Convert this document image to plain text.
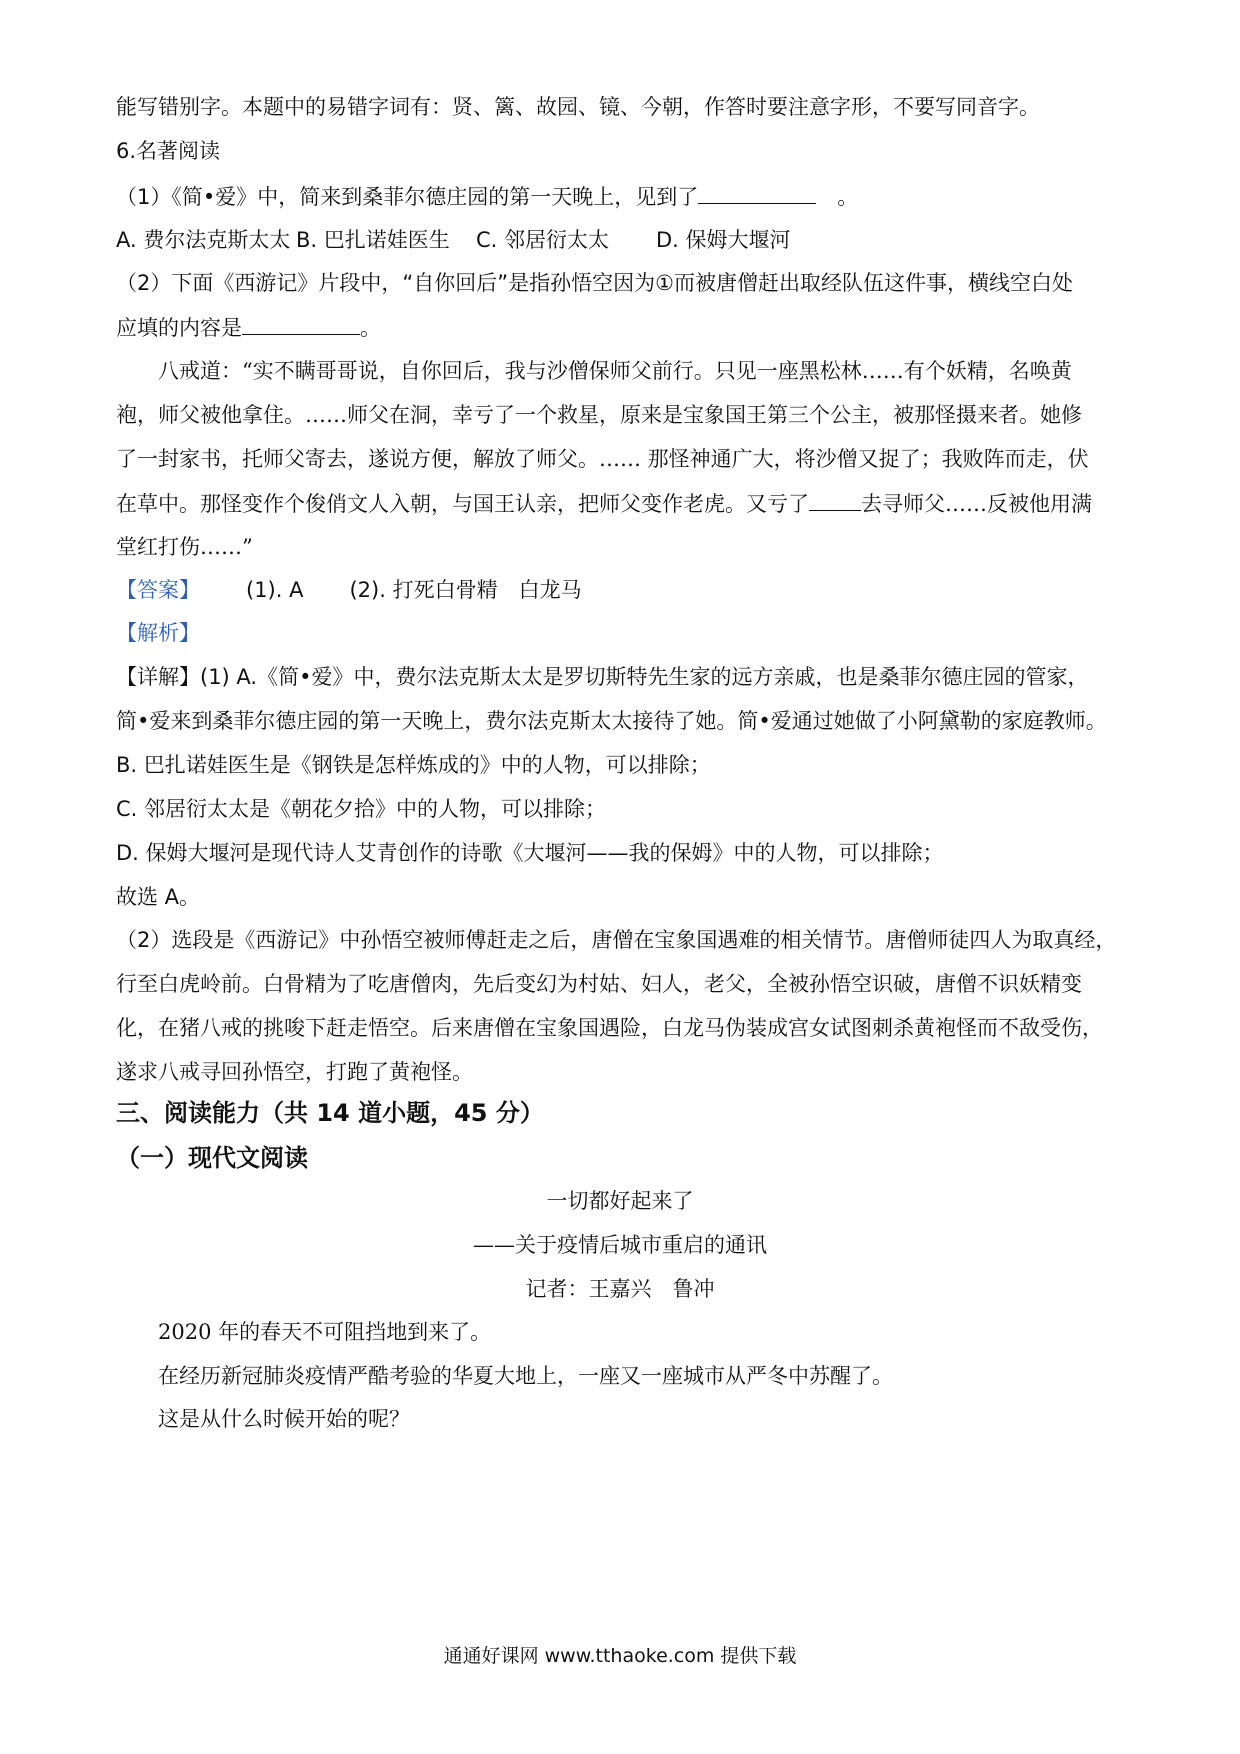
能写错别字。本题中的易错字词有：贤、篱、故园、镜、今朝，作答时要注意字形，不要写同音字。
6.名著阅读
（1）《简•爱》中，简来到桑菲尔德庄园的第一天晚上，见到了　	。
A. 费尔法克斯太太 B. 巴扎诺娃医生 C. 邻居衍太太 D. 保姆大堰河
（2）下面《西游记》片段中，“自你回后”是指孙悟空因为①而被唐僧赶出取经队伍这件事，横线空白处
应填的内容是	。
八戒道：“实不瞒哥哥说，自你回后，我与沙僧保师父前行。只见一座黑松林……有个妖精，名唤黄
袍，师父被他拿住。……师父在洞，幸亏了一个救星，原来是宝象国王第三个公主，被那怪摄来者。她修
了一封家书，托师父寄去，遂说方便，解放了师父。…… 那怪神通广大，将沙僧又捉了；我败阵而走，伏
在草中。那怪变作个俊俏文人入朝，与国王认亲，把师父变作老虎。又亏了 去寻师父……反被他用满
堂红打伤……”
【答案】 (1). A (2). 打死白骨精　白龙马
【解析】
【详解】(1) A.《简•爱》中，费尔法克斯太太是罗切斯特先生家的远方亲戚，也是桑菲尔德庄园的管家，
简•爱来到桑菲尔德庄园的第一天晚上，费尔法克斯太太接待了她。简•爱通过她做了小阿黛勒的家庭教师。
B. 巴扎诺娃医生是《钢铁是怎样炼成的》中的人物，可以排除；
C. 邻居衍太太是《朝花夕拾》中的人物，可以排除；
D. 保姆大堰河是现代诗人艾青创作的诗歌《大堰河——我的保姆》中的人物，可以排除；
故选 A。
（2）选段是《西游记》中孙悟空被师傅赶走之后，唐僧在宝象国遇难的相关情节。唐僧师徒四人为取真经，
行至白虎岭前。白骨精为了吃唐僧肉，先后变幻为村姑、妇人，老父，全被孙悟空识破，唐僧不识妖精变
化，在猪八戒的挑唆下赶走悟空。后来唐僧在宝象国遇险，白龙马伪装成宫女试图刺杀黄袍怪而不敌受伤，
遂求八戒寻回孙悟空，打跑了黄袍怪。
三、阅读能力（共 14 道小题，45 分）
（一）现代文阅读
一切都好起来了
——关于疫情后城市重启的通讯
记者：王嘉兴　鲁冲
2020 年的春天不可阻挡地到来了。
在经历新冠肺炎疫情严酷考验的华夏大地上，一座又一座城市从严冬中苏醒了。
这是从什么时候开始的呢？
通通好课网 www.tthaoke.com 提供下载
